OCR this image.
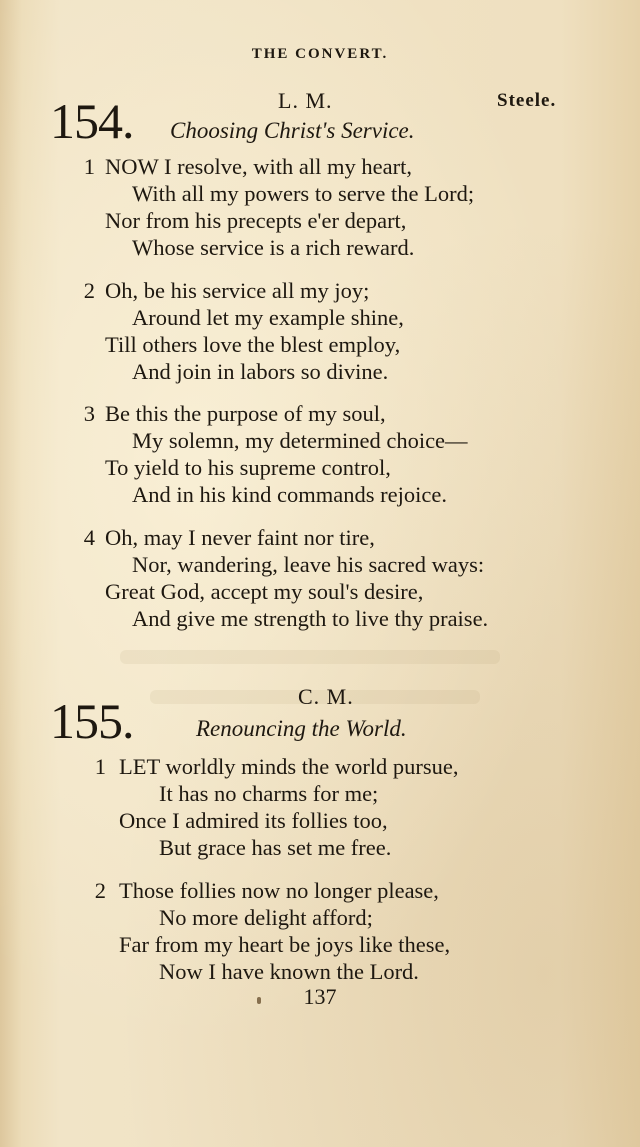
THE CONVERT.
154.	L. M.	Steele.
Choosing Christ's Service.
1 NOW I resolve, with all my heart,
With all my powers to serve the Lord;
Nor from his precepts e'er depart,
Whose service is a rich reward.
2 Oh, be his service all my joy;
Around let my example shine,
Till others love the blest employ,
And join in labors so divine.
3 Be this the purpose of my soul,
My solemn, my determined choice—
To yield to his supreme control,
And in his kind commands rejoice.
4 Oh, may I never faint nor tire,
Nor, wandering, leave his sacred ways:
Great God, accept my soul's desire,
And give me strength to live thy praise.
155.	C. M.
Renouncing the World.
1 LET worldly minds the world pursue,
It has no charms for me;
Once I admired its follies too,
But grace has set me free.
2 Those follies now no longer please,
No more delight afford;
Far from my heart be joys like these,
Now I have known the Lord.
137
